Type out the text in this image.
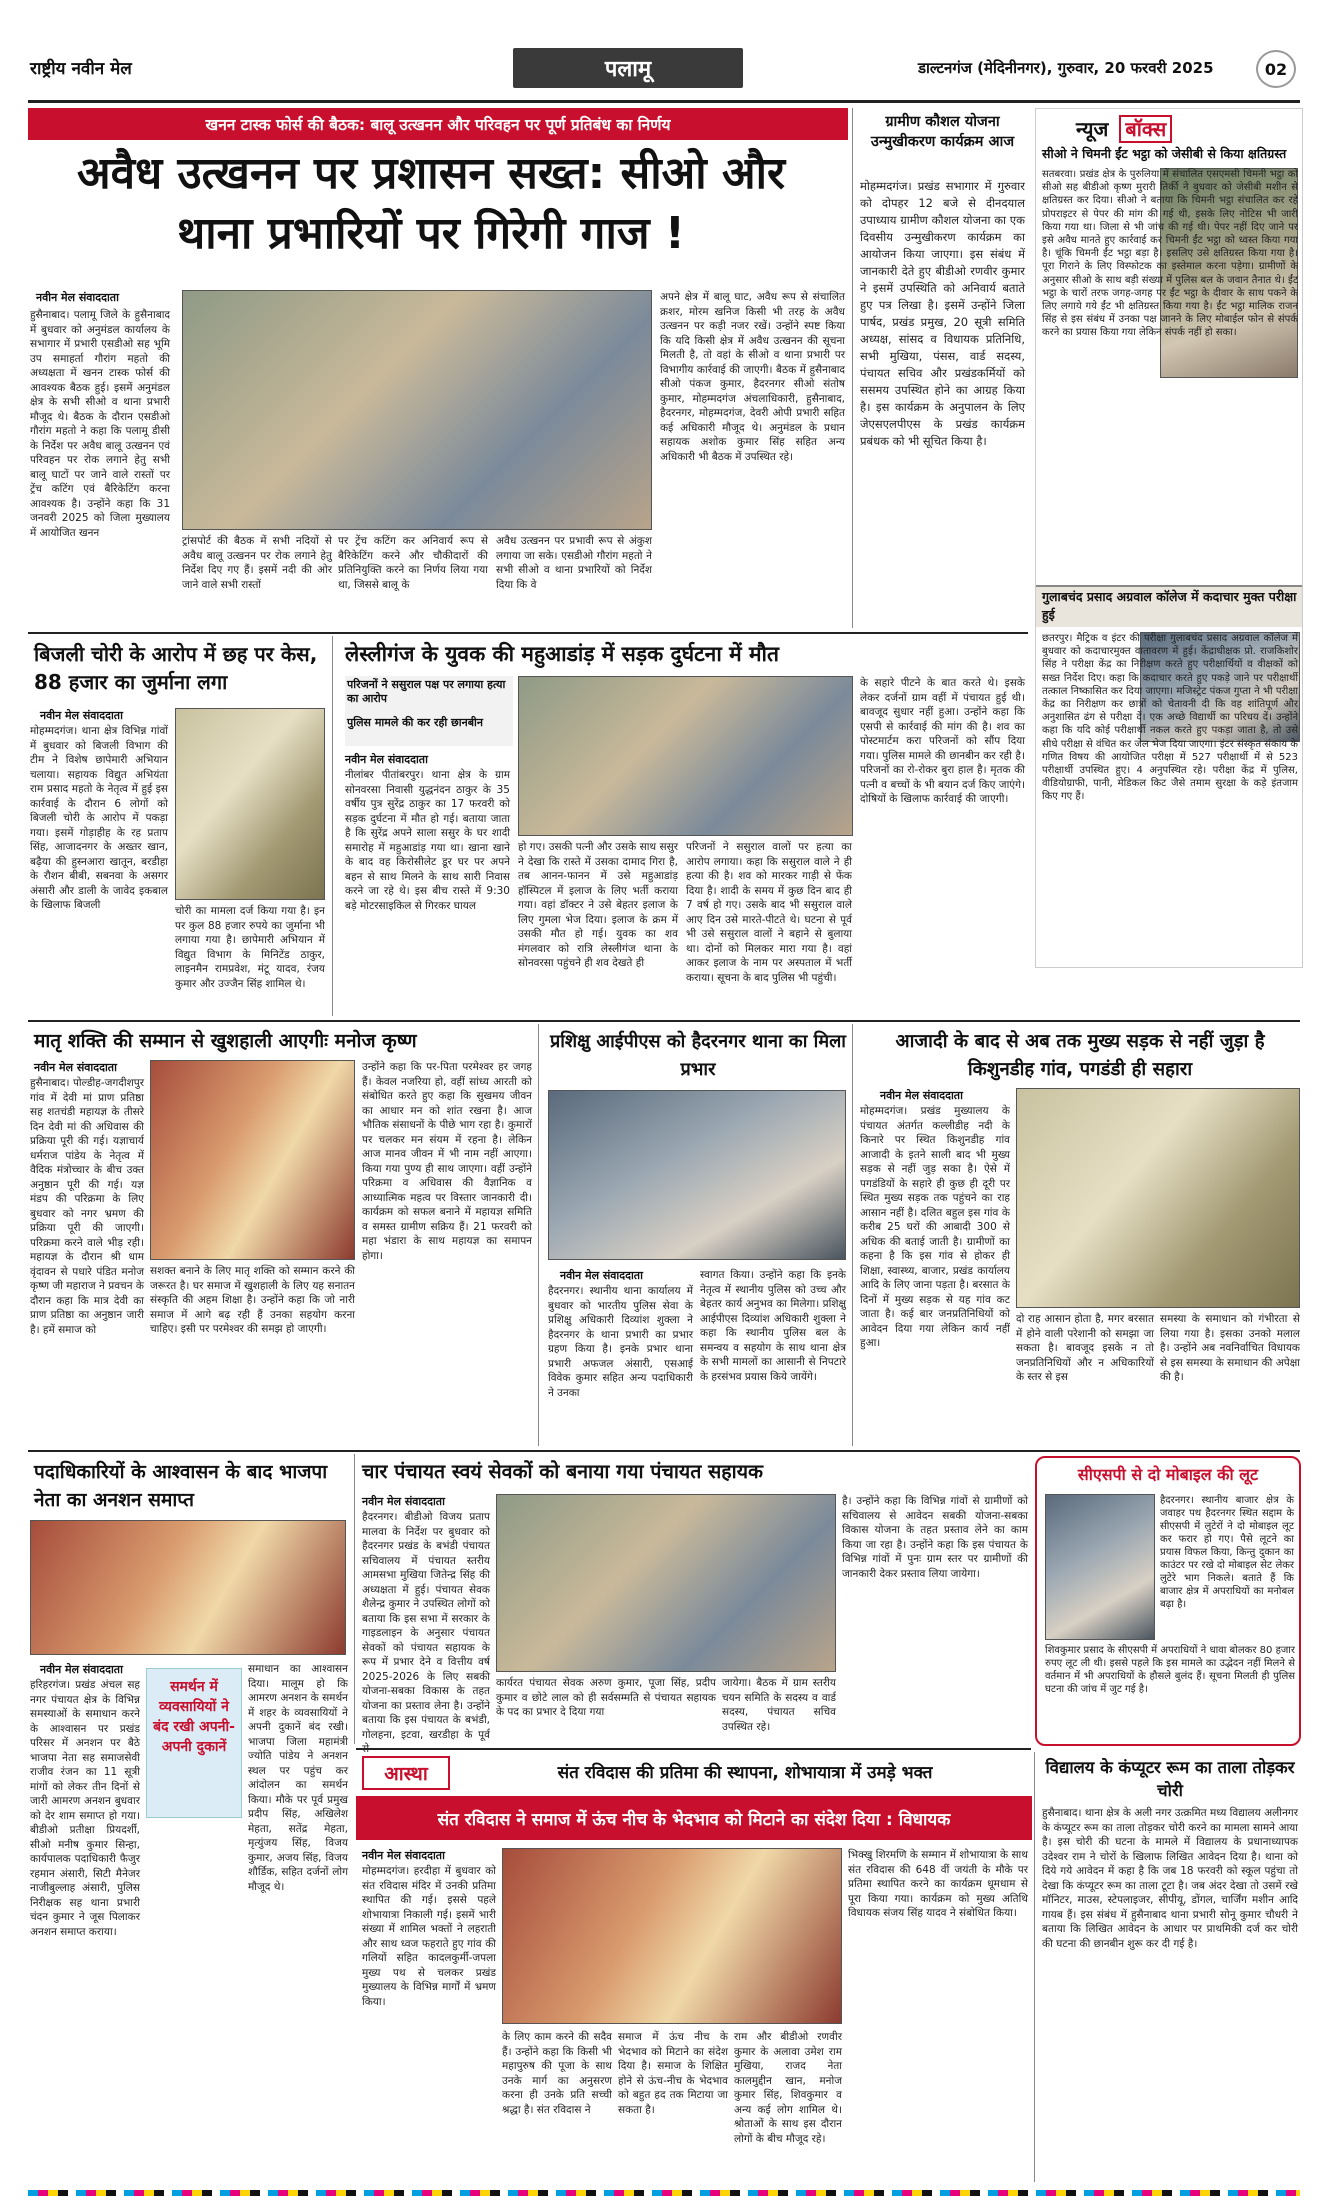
राष्ट्रीय नवीन मेल	पलामू	डाल्टनगंज (मेदिनीनगर), गुरुवार, 20 फरवरी 2025	02
खनन टास्क फोर्स की बैठक: बालू उत्खनन और परिवहन पर पूर्ण प्रतिबंध का निर्णय
अवैध उत्खनन पर प्रशासन सख्त: सीओ और थाना प्रभारियों पर गिरेगी गाज !
नवीन मेल संवाददाता
हुसैनाबाद। पलामू जिले के हुसैनाबाद में बुधवार को अनुमंडल कार्यालय के सभागार में प्रभारी एसडीओ सह भूमि उप समाहर्ता गौरांग महतो की अध्यक्षता में खनन टास्क फोर्स की आवश्यक बैठक हुई। इसमें अनुमंडल क्षेत्र के सभी सीओ व थाना प्रभारी मौजूद थे। बैठक के दौरान एसडीओ गौरांग महतो ने कहा कि पलामू डीसी के निर्देश पर अवैध बालू उत्खनन एवं परिवहन पर रोक लगाने हेतु सभी बालू घाटों पर जाने वाले रास्तों पर ट्रेंच कटिंग एवं बैरिकेटिंग करना आवश्यक है। उन्होंने कहा कि 31 जनवरी 2025 को जिला मुख्यालय में आयोजित खनन
ट्रांसपोर्ट की बैठक में सभी नदियों से अवैध बालू उत्खनन पर रोक लगाने हेतु निर्देश दिए गए हैं। इसमें नदी की ओर जाने वाले सभी रास्तों
पर ट्रेंच कटिंग कर अनिवार्य रूप से बैरिकेटिंग करने और चौकीदारों की प्रतिनियुक्ति करने का निर्णय लिया गया था, जिससे बालू के
अवैध उत्खनन पर प्रभावी रूप से अंकुश लगाया जा सके। एसडीओ गौरांग महतो ने सभी सीओ व थाना प्रभारियों को निर्देश दिया कि वे
अपने क्षेत्र में बालू घाट, अवैध रूप से संचालित क्रशर, मोरम खनिज किसी भी तरह के अवैध उत्खनन पर कड़ी नजर रखें। उन्होंने स्पष्ट किया कि यदि किसी क्षेत्र में अवैध उत्खनन की सूचना मिलती है, तो वहां के सीओ व थाना प्रभारी पर विभागीय कार्रवाई की जाएगी। बैठक में हुसैनाबाद सीओ पंकज कुमार, हैदरनगर सीओ संतोष कुमार, मोहम्मदगंज अंचलाधिकारी, हुसैनाबाद, हैदरनगर, मोहम्मदगंज, देवरी ओपी प्रभारी सहित कई अधिकारी मौजूद थे। अनुमंडल के प्रधान सहायक अशोक कुमार सिंह सहित अन्य अधिकारी भी बैठक में उपस्थित रहे।
ग्रामीण कौशल योजना उन्मुखीकरण कार्यक्रम आज
मोहम्मदगंज। प्रखंड सभागार में गुरुवार को दोपहर 12 बजे से दीनदयाल उपाध्याय ग्रामीण कौशल योजना का एक दिवसीय उन्मुखीकरण कार्यक्रम का आयोजन किया जाएगा। इस संबंध में जानकारी देते हुए बीडीओ रणवीर कुमार ने इसमें उपस्थिति को अनिवार्य बताते हुए पत्र लिखा है। इसमें उन्होंने जिला पार्षद, प्रखंड प्रमुख, 20 सूत्री समिति अध्यक्ष, सांसद व विधायक प्रतिनिधि, सभी मुखिया, पंसस, वार्ड सदस्य, पंचायत सचिव और प्रखंडकर्मियों को ससमय उपस्थित होने का आग्रह किया है। इस कार्यक्रम के अनुपालन के लिए जेएसएलपीएस के प्रखंड कार्यक्रम प्रबंधक को भी सूचित किया है।
न्यूज बॉक्स
सीओ ने चिमनी ईंट भट्ठा को जेसीबी से किया क्षतिग्रस्त
सतबरवा। प्रखंड क्षेत्र के पुरुलिया में संचालित एसएमसी चिमनी भट्ठा को सीओ सह बीडीओ कृष्ण मुरारी तिर्की ने बुधवार को जेसीबी मशीन से क्षतिग्रस्त कर दिया। सीओ ने बताया कि चिमनी भट्ठा संचालित कर रहे प्रोपराइटर से पेपर की मांग की गई थी, इसके लिए नोटिस भी जारी किया गया था। जिला से भी जांच की गई थी। पेपर नहीं दिए जाने पर इसे अवैध मानते हुए कार्रवाई कर चिमनी ईंट भट्ठा को ध्वस्त किया गया है। चूंकि चिमनी ईंट भट्ठा बड़ा है। इसलिए उसे क्षतिग्रस्त किया गया है। पूरा गिराने के लिए विस्फोटक का इस्तेमाल करना पड़ेगा। ग्रामीणों के अनुसार सीओ के साथ बड़ी संख्या में पुलिस बल के जवान तैनात थे। ईंट भट्ठा के चारों तरफ जगह-जगह पर ईंट भट्ठा के दीवार के साथ पकने के लिए लगाये गये ईंट भी क्षतिग्रस्त किया गया है। ईंट भट्ठा मालिक राजन सिंह से इस संबंध में उनका पक्ष जानने के लिए मोबाईल फोन से संपर्क करने का प्रयास किया गया लेकिन संपर्क नहीं हो सका।
गुलाबचंद प्रसाद अग्रवाल कॉलेज में कदाचार मुक्त परीक्षा हुई
छतरपुर। मैट्रिक व इंटर की परीक्षा गुलाबचंद प्रसाद अग्रवाल कॉलेज में बुधवार को कदाचारमुक्त वातावरण में हुई। केंद्राधीक्षक प्रो. राजकिशोर सिंह ने परीक्षा केंद्र का निरीक्षण करते हुए परीक्षार्थियों व वीक्षकों को सख्त निर्देश दिए। कहा कि कदाचार करते हुए पकड़े जाने पर परीक्षार्थी तत्काल निष्कासित कर दिया जाएगा। मजिस्ट्रेट पंकज गुप्ता ने भी परीक्षा केंद्र का निरीक्षण कर छात्रों को चेतावनी दी कि वह शांतिपूर्ण और अनुशासित ढंग से परीक्षा दें। एक अच्छे विद्यार्थी का परिचय दें। उन्होंने कहा कि यदि कोई परीक्षार्थी नकल करते हुए पकड़ा जाता है, तो उसे सीधे परीक्षा से वंचित कर जेल भेज दिया जाएगा। इंटर संस्कृत संकाय के गणित विषय की आयोजित परीक्षा में 527 परीक्षार्थी में से 523 परीक्षार्थी उपस्थित हुए। 4 अनुपस्थित रहे। परीक्षा केंद्र में पुलिस, वीडियोग्राफी, पानी, मेडिकल किट जैसे तमाम सुरक्षा के कड़े इंतजाम किए गए हैं।
बिजली चोरी के आरोप में छह पर केस, 88 हजार का जुर्माना लगा
नवीन मेल संवाददाता
मोहम्मदगंज। थाना क्षेत्र विभिन्न गांवों में बुधवार को बिजली विभाग की टीम ने विशेष छापेमारी अभियान चलाया। सहायक विद्युत अभियंता राम प्रसाद महतो के नेतृत्व में हुई इस कार्रवाई के दौरान 6 लोगों को बिजली चोरी के आरोप में पकड़ा गया। इसमें गोड़ाहीह के रह प्रताप सिंह, आजादनगर के अख्तर खान, बढ़ैया की हुस्नआरा खातून, बरडीहा के रौशन बीबी, सबनवा के असगर अंसारी और डाली के जावेद इकबाल के खिलाफ बिजली	चोरी का मामला दर्ज किया गया है। इन पर कुल 88 हजार रुपये का जुर्माना भी लगाया गया है। छापेमारी अभियान में विद्युत विभाग के मिनिटेंड ठाकुर, लाइनमैन रामप्रवेश, मंटू यादव, रंजय कुमार और उज्जैन सिंह शामिल थे।
लेस्लीगंज के युवक की महुआडांड़ में सड़क दुर्घटना में मौत
परिजनों ने ससुराल पक्ष पर लगाया हत्या का आरोप
पुलिस मामले की कर रही छानबीन
नवीन मेल संवाददाता
नीलांबर पीतांबरपुर। थाना क्षेत्र के ग्राम सोनवरसा निवासी युद्धनंदन ठाकुर के 35 वर्षीय पुत्र सुरेंद्र ठाकुर का 17 फरवरी को सड़क दुर्घटना में मौत हो गई। बताया जाता है कि सुरेंद्र अपने साला ससुर के घर शादी समारोह में महुआडांड़ गया था। खाना खाने के बाद वह किरोसीलेट डूर घर पर अपने बहन से साथ मिलने के साथ सारी निवास करने जा रहे थे। इस बीच रास्ते में 9:30 बड़े मोटरसाइकिल से गिरकर घायल
हो गए। उसकी पत्नी और उसके साथ ससुर ने देखा कि रास्ते में उसका दामाद गिरा है, तब आनन-फानन में उसे महुआडांड़ हॉस्पिटल में इलाज के लिए भर्ती कराया गया। वहां डॉक्टर ने उसे बेहतर इलाज के लिए गुमला भेज दिया। इलाज के क्रम में उसकी मौत हो गई। युवक का शव मंगलवार को रात्रि लेस्लीगंज थाना के सोनवरसा पहुंचने ही शव देखते ही
परिजनों ने ससुराल वालों पर हत्या का आरोप लगाया। कहा कि ससुराल वाले ने ही हत्या की है। शव को मारकर गाड़ी से फेंक दिया है। शादी के समय में कुछ दिन बाद ही 7 वर्ष हो गए। उसके बाद भी ससुराल वाले आए दिन उसे मारते-पीटते थे। घटना से पूर्व भी उसे ससुराल वालों ने बहाने से बुलाया था। दोनों को मिलकर मारा गया है। वहां आकर इलाज के नाम पर अस्पताल में भर्ती कराया। सूचना के बाद पुलिस भी पहुंची।
के सहारे पीटने के बात करते थे। इसके लेकर दर्जनों ग्राम वहीं में पंचायत हुई थी। बावजूद सुधार नहीं हुआ। उन्होंने कहा कि एसपी से कार्रवाई की मांग की है। शव का पोस्टमार्टम करा परिजनों को सौंप दिया गया। पुलिस मामले की छानबीन कर रही है। परिजनों का रो-रोकर बुरा हाल है। मृतक की पत्नी व बच्चों के भी बयान दर्ज किए जाएंगे। दोषियों के खिलाफ कार्रवाई की जाएगी।
मातृ शक्ति की सम्मान से खुशहाली आएगीः मनोज कृष्ण
नवीन मेल संवाददाता
हुसैनाबाद। पोल्डीह-जगदीशपुर गांव में देवी मां प्राण प्रतिष्ठा सह शतचंडी महायज्ञ के तीसरे दिन देवी मां की अधिवास की प्रक्रिया पूरी की गई। यज्ञाचार्य धर्मराज पांडेय के नेतृत्व में वैदिक मंत्रोच्चार के बीच उक्त अनुष्ठान पूरी की गई। यज्ञ मंडप की परिक्रमा के लिए बुधवार को नगर भ्रमण की प्रक्रिया पूरी की जाएगी। परिक्रमा करने वाले भीड़ रही। महायज्ञ के दौरान श्री धाम वृंदावन से पधारे पंडित मनोज कृष्ण जी महाराज ने प्रवचन के दौरान कहा कि मात्र देवी का प्राण प्रतिष्ठा का अनुष्ठान जारी है। हमें समाज को
सशक्त बनाने के लिए मातृ शक्ति को सम्मान करने की जरूरत है। घर समाज में खुशहाली के लिए यह सनातन संस्कृति की अहम शिक्षा है। उन्होंने कहा कि जो नारी समाज में आगे बढ़ रही हैं उनका सहयोग करना चाहिए। इसी पर परमेश्वर की समझ हो जाएगी।
उन्होंने कहा कि पर-पिता परमेश्वर हर जगह हैं। केवल नजरिया हो, वहीं सांध्य आरती को संबोधित करते हुए कहा कि सुखमय जीवन का आधार मन को शांत रखना है। आज भौतिक संसाधनों के पीछे भाग रहा है। कुमारों पर चलकर मन संयम में रहना है। लेकिन आज मानव जीवन में भी नाम नहीं आएगा। किया गया पुण्य ही साथ जाएगा। वहीं उन्होंने परिक्रमा व अधिवास की वैज्ञानिक व आध्यात्मिक महत्व पर विस्तार जानकारी दी। कार्यक्रम को सफल बनाने में महायज्ञ समिति व समस्त ग्रामीण सक्रिय हैं। 21 फरवरी को महा भंडारा के साथ महायज्ञ का समापन होगा।
प्रशिक्षु आईपीएस को हैदरनगर थाना का मिला प्रभार
नवीन मेल संवाददाता
हैदरनगर। स्थानीय थाना कार्यालय में बुधवार को भारतीय पुलिस सेवा के प्रशिक्षु अधिकारी दिव्यांश शुक्ला ने हैदरनगर के थाना प्रभारी का प्रभार ग्रहण किया है। इनके प्रभार थाना प्रभारी अफजल अंसारी, एसआई विवेक कुमार सहित अन्य पदाधिकारी ने उनका
स्वागत किया। उन्होंने कहा कि इनके नेतृत्व में स्थानीय पुलिस को उच्च और बेहतर कार्य अनुभव का मिलेगा। प्रशिक्षु आईपीएस दिव्यांश अधिकारी शुक्ला ने कहा कि स्थानीय पुलिस बल के समन्वय व सहयोग के साथ थाना क्षेत्र के सभी मामलों का आसानी से निपटारे के हरसंभव प्रयास किये जायेंगे।
आजादी के बाद से अब तक मुख्य सड़क से नहीं जुड़ा है किशुनडीह गांव, पगडंडी ही सहारा
नवीन मेल संवाददाता
मोहम्मदगंज। प्रखंड मुख्यालय के पंचायत अंतर्गत कल्लीडीह नदी के किनारे पर स्थित किशुनडीह गांव आजादी के इतने साली बाद भी मुख्य सड़क से नहीं जुड़ सका है। ऐसे में पगडंडियों के सहारे ही कुछ ही दूरी पर स्थित मुख्य सड़क तक पहुंचने का राह आसान नहीं है। दलित बहुल इस गांव के करीब 25 घरों की आबादी 300 से अधिक की बताई जाती है। ग्रामीणों का कहना है कि इस गांव से होकर ही शिक्षा, स्वास्थ्य, बाजार, प्रखंड कार्यालय आदि के लिए जाना पड़ता है। बरसात के दिनों में मुख्य सड़क से यह गांव कट जाता है। कई बार जनप्रतिनिधियों को आवेदन दिया गया लेकिन कार्य नहीं हुआ।
दो राह आसान होता है, मगर बरसात में होने वाली परेशानी को समझा जा सकता है। बावजूद इसके न तो जनप्रतिनिधियों और न अधिकारियों के स्तर से इस
समस्या के समाधान को गंभीरता से लिया गया है। इसका उनको मलाल है। उन्होंने अब नवनिर्वाचित विधायक से इस समस्या के समाधान की अपेक्षा की है।
पदाधिकारियों के आश्वासन के बाद भाजपा नेता का अनशन समाप्त
नवीन मेल संवाददाता
हरिहरगंज। प्रखंड अंचल सह नगर पंचायत क्षेत्र के विभिन्न समस्याओं के समाधान करने के आश्वासन पर प्रखंड परिसर में अनशन पर बैठे भाजपा नेता सह समाजसेवी राजीव रंजन का 11 सूत्री मांगों को लेकर तीन दिनों से जारी आमरण अनशन बुधवार को देर शाम समाप्त हो गया। बीडीओ प्रतीक्षा प्रियदर्शी, सीओ मनीष कुमार सिन्हा, कार्यपालक पदाधिकारी फैजुर रहमान अंसारी, सिटी मैनेजर नाजीबुल्लाह अंसारी, पुलिस निरीक्षक सह थाना प्रभारी चंदन कुमार ने जूस पिलाकर अनशन समाप्त कराया।
समर्थन में व्यवसायियों ने बंद रखी अपनी-अपनी दुकानें
समाधान का आश्वासन दिया। मालूम हो कि आमरण अनशन के समर्थन में शहर के व्यवसायियों ने अपनी दुकानें बंद रखी। भाजपा जिला महामंत्री ज्योति पांडेय ने अनशन स्थल पर पहुंच कर आंदोलन का समर्थन किया। मौके पर पूर्व प्रमुख प्रदीप सिंह, अखिलेश मेहता, सतेंद्र मेहता, मृत्युंजय सिंह, विजय कुमार, अजय सिंह, विजय शौर्डिक, सहित दर्जनों लोग मौजूद थे।
चार पंचायत स्वयं सेवकों को बनाया गया पंचायत सहायक
नवीन मेल संवाददाता
हैदरनगर। बीडीओ विजय प्रताप मालवा के निर्देश पर बुधवार को हैदरनगर प्रखंड के बभंडी पंचायत सचिवालय में पंचायत स्तरीय आमसभा मुखिया जितेन्द्र सिंह की अध्यक्षता में हुई। पंचायत सेवक शैलेन्द्र कुमार ने उपस्थित लोगों को बताया कि इस सभा में सरकार के गाइडलाइन के अनुसार पंचायत सेवकों को पंचायत सहायक के रूप में प्रभार देने व वित्तीय वर्ष 2025-2026 के लिए सबकी योजना-सबका विकास के तहत योजना का प्रस्ताव लेना है। उन्होंने बताया कि इस पंचायत के बभंडी, गोलहना, इटवा, खरडीहा के पूर्व
कार्यरत पंचायत सेवक अरुण कुमार, पूजा सिंह, प्रदीप कुमार व छोटे लाल को ही सर्वसम्मति से पंचायत सहायक के पद का प्रभार दे दिया गया
जायेगा। बैठक में ग्राम स्तरीय चयन समिति के सदस्य व वार्ड सदस्य, पंचायत सचिव उपस्थित रहे।
है। उन्होंने कहा कि विभिन्न गांवों से ग्रामीणों को सचिवालय से आवेदन सबकी योजना-सबका विकास योजना के तहत प्रस्ताव लेने का काम किया जा रहा है। उन्होंने कहा कि इस पंचायत के विभिन्न गांवों में पुनः ग्राम स्तर पर ग्रामीणों की जानकारी देकर प्रस्ताव लिया जायेगा।
सीएसपी से दो मोबाइल की लूट
हैदरनगर। स्थानीय बाजार क्षेत्र के जवाहर पथ हैदरनगर स्थित सद्दाम के सीएसपी में लुटेरों ने दो मोबाइल लूट कर फरार हो गए। पैसे लूटने का प्रयास विफल किया, किन्तु दुकान का काउंटर पर रखे दो मोबाइल सेट लेकर लुटेरे भाग निकले। बताते हैं कि बाजार क्षेत्र में अपराधियों का मनोबल बढ़ा है।
शिवकुमार प्रसाद के सीएसपी में अपराधियों ने धावा बोलकर 80 हजार रुपए लूट ली थी। इससे पहले कि इस मामले का उद्भेदन नहीं मिलने से वर्तमान में भी अपराधियों के हौसले बुलंद हैं। सूचना मिलती ही पुलिस घटना की जांच में जुट गई है।
आस्था	संत रविदास की प्रतिमा की स्थापना, शोभायात्रा में उमड़े भक्त
संत रविदास ने समाज में ऊंच नीच के भेदभाव को मिटाने का संदेश दिया : विधायक
नवीन मेल संवाददाता
मोहम्मदगंज। हरदीहा में बुधवार को संत रविदास मंदिर में उनकी प्रतिमा स्थापित की गई। इससे पहले शोभायात्रा निकाली गई। इसमें भारी संख्या में शामिल भक्तों ने लहराती और साथ ध्वज फहराते हुए गांव की गलियों सहित कादलकुर्मी-जपला मुख्य पथ से चलकर प्रखंड मुख्यालय के विभिन्न मार्गों में भ्रमण किया।
के लिए काम करने की सदैव हैं। उन्होंने कहा कि किसी भी महापुरुष की पूजा के साथ उनके मार्ग का अनुसरण करना ही उनके प्रति सच्ची श्रद्धा है। संत रविदास ने
समाज में ऊंच नीच के भेदभाव को मिटाने का संदेश दिया है। समाज के शिक्षित होने से ऊंच-नीच के भेदभाव को बहुत हद तक मिटाया जा सकता है।
राम और बीडीओ रणवीर कुमार के अलावा उमेश राम मुखिया, राजद नेता कालमुद्दीन खान, मनोज कुमार सिंह, शिवकुमार व अन्य कई लोग शामिल थे। श्रोताओं के साथ इस दौरान लोगों के बीच मौजूद रहे।
भिक्खु शिरमणि के सम्मान में शोभायात्रा के साथ संत रविदास की 648 वीं जयंती के मौके पर प्रतिमा स्थापित करने का कार्यक्रम धूमधाम से पूरा किया गया। कार्यक्रम को मुख्य अतिथि विधायक संजय सिंह यादव ने संबोधित किया।
विद्यालय के कंप्यूटर रूम का ताला तोड़कर चोरी
हुसैनाबाद। थाना क्षेत्र के अली नगर उत्क्रमित मध्य विद्यालय अलीनगर के कंप्यूटर रूम का ताला तोड़कर चोरी करने का मामला सामने आया है। इस चोरी की घटना के मामले में विद्यालय के प्रधानाध्यापक उदेश्वर राम ने चोरों के खिलाफ लिखित आवेदन दिया है। थाना को दिये गये आवेदन में कहा है कि जब 18 फरवरी को स्कूल पहुंचा तो देखा कि कंप्यूटर रूम का ताला टूटा है। जब अंदर देखा तो उसमें रखे मॉनिटर, माउस, स्टेपलाइजर, सीपीयू, डोंगल, चार्जिंग मशीन आदि गायब हैं। इस संबंध में हुसैनाबाद थाना प्रभारी सोनू कुमार चौधरी ने बताया कि लिखित आवेदन के आधार पर प्राथमिकी दर्ज कर चोरी की घटना की छानबीन शुरू कर दी गई है।
